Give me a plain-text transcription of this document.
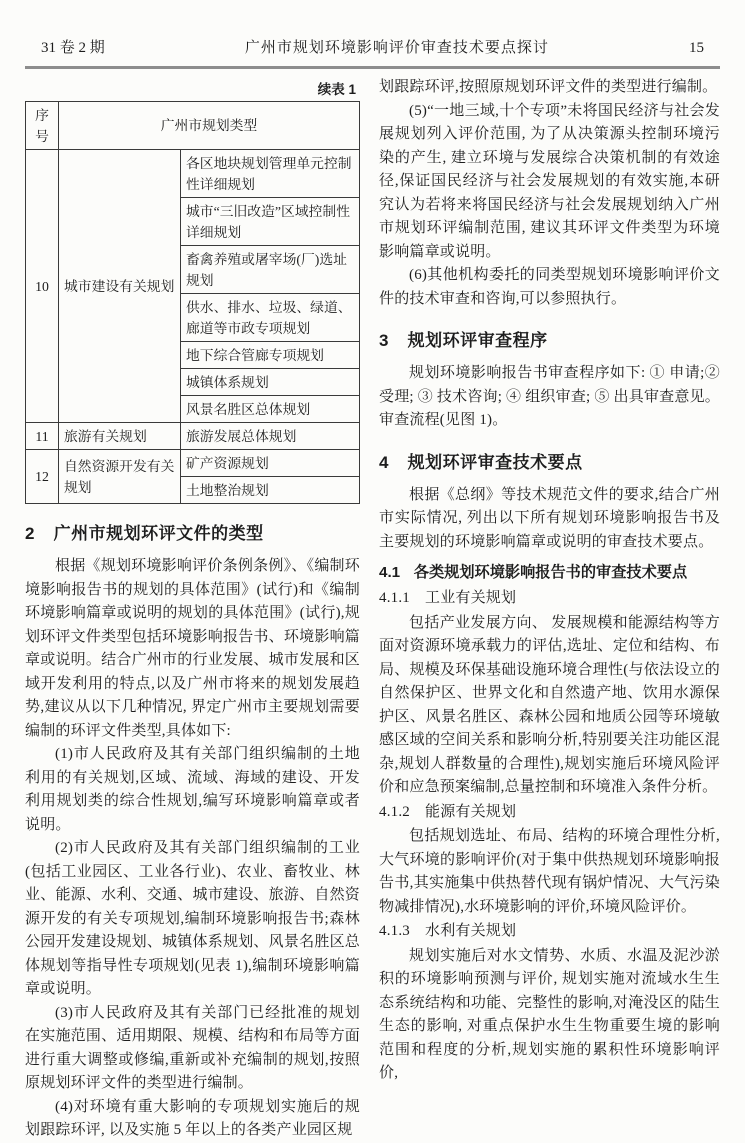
31 卷 2 期	广州市规划环境影响评价审查技术要点探讨	15
续表 1
序号	广州市规划类型	
10	城市建设有关规划	各区地块规划管理单元控制性详细规划
		城市“三旧改造”区域控制性详细规划
		畜禽养殖或屠宰场(厂)选址规划
		供水、排水、垃圾、绿道、廊道等市政专项规划
		地下综合管廊专项规划
		城镇体系规划
		风景名胜区总体规划
11	旅游有关规划	旅游发展总体规划
12	自然资源开发有关规划	矿产资源规划
		土地整治规划
2 广州市规划环评文件的类型

根据《规划环境影响评价条例条例》、《编制环境影响报告书的规划的具体范围》(试行)和《编制环境影响篇章或说明的规划的具体范围》(试行),规划环评文件类型包括环境影响报告书、环境影响篇章或说明。结合广州市的行业发展、城市发展和区域开发利用的特点,以及广州市将来的规划发展趋势,建议从以下几种情况, 界定广州市主要规划需要编制的环评文件类型,具体如下:

(1)市人民政府及其有关部门组织编制的土地利用的有关规划,区域、流域、海域的建设、开发利用规划类的综合性规划,编写环境影响篇章或者说明。

(2)市人民政府及其有关部门组织编制的工业(包括工业园区、工业各行业)、农业、畜牧业、林业、能源、水利、交通、城市建设、旅游、自然资源开发的有关专项规划,编制环境影响报告书;森林公园开发建设规划、城镇体系规划、风景名胜区总体规划等指导性专项规划(见表 1),编制环境影响篇章或说明。

(3)市人民政府及其有关部门已经批准的规划在实施范围、适用期限、规模、结构和布局等方面进行重大调整或修编,重新或补充编制的规划,按照原规划环评文件的类型进行编制。

(4)对环境有重大影响的专项规划实施后的规划跟踪环评, 以及实施 5 年以上的各类产业园区规

划跟踪环评,按照原规划环评文件的类型进行编制。

(5)“一地三域,十个专项”未将国民经济与社会发展规划列入评价范围, 为了从决策源头控制环境污染的产生, 建立环境与发展综合决策机制的有效途径,保证国民经济与社会发展规划的有效实施,本研究认为若将来将国民经济与社会发展规划纳入广州市规划环评编制范围, 建议其环评文件类型为环境影响篇章或说明。

(6)其他机构委托的同类型规划环境影响评价文件的技术审查和咨询,可以参照执行。

3 规划环评审查程序

规划环境影响报告书审查程序如下: ① 申请;② 受理; ③ 技术咨询; ④ 组织审查; ⑤ 出具审查意见。 审查流程(见图 1)。

4 规划环评审查技术要点

根据《总纲》等技术规范文件的要求,结合广州市实际情况, 列出以下所有规划环境影响报告书及主要规划的环境影响篇章或说明的审查技术要点。

4.1 各类规划环境影响报告书的审查技术要点
4.1.1 工业有关规划

包括产业发展方向、 发展规模和能源结构等方面对资源环境承载力的评估,选址、定位和结构、布局、规模及环保基础设施环境合理性(与依法设立的自然保护区、世界文化和自然遗产地、饮用水源保护区、风景名胜区、森林公园和地质公园等环境敏感区域的空间关系和影响分析,特别要关注功能区混杂,规划人群数量的合理性),规划实施后环境风险评价和应急预案编制,总量控制和环境准入条件分析。

4.1.2 能源有关规划

包括规划选址、布局、结构的环境合理性分析,大气环境的影响评价(对于集中供热规划环境影响报告书,其实施集中供热替代现有锅炉情况、大气污染物减排情况),水环境影响的评价,环境风险评价。

4.1.3 水利有关规划

规划实施后对水文情势、水质、水温及泥沙淤积的环境影响预测与评价, 规划实施对流域水生生态系统结构和功能、完整性的影响,对淹没区的陆生生态的影响, 对重点保护水生生物重要生境的影响范围和程度的分析,规划实施的累积性环境影响评价,
